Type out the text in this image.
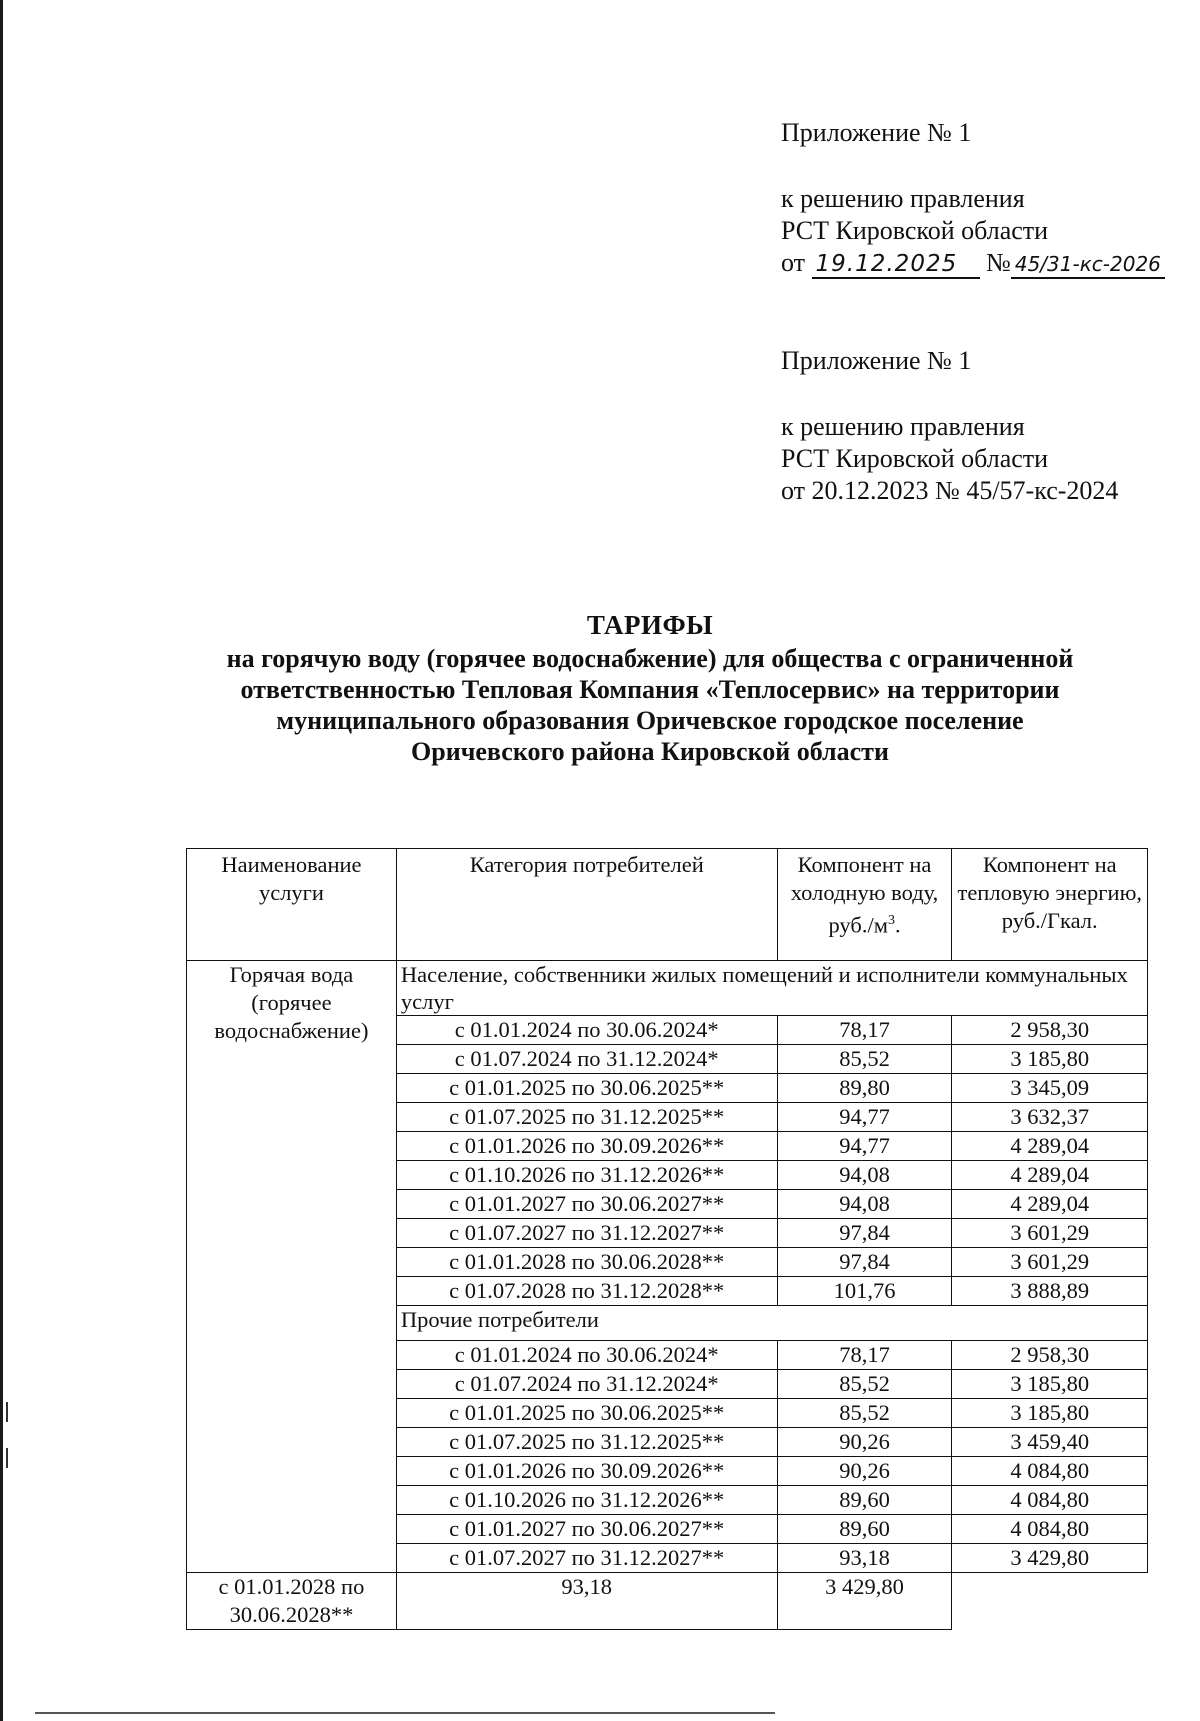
Приложение № 1
к решению правления
РСТ Кировской области
от 19.12.2025 № 45/31-кс-2026
Приложение № 1
к решению правления
РСТ Кировской области
от 20.12.2023 № 45/57-кс-2024
ТАРИФЫ
на горячую воду (горячее водоснабжение) для общества с ограниченной
ответственностью Тепловая Компания «Теплосервис» на территории
муниципального образования Оричевское городское поселение
Оричевского района Кировской области
Наименование услуги	Категория потребителей	Компонент на холодную воду, $руб./м^3$.	Компонент на тепловую энергию, руб./Гкал.
Горячая вода (горячее водоснабжение)	Население, собственники жилых помещений и исполнители коммунальных услуг		
	с 01.01.2024 по 30.06.2024*	78,17	2 958,30
	с 01.07.2024 по 31.12.2024*	85,52	3 185,80
	с 01.01.2025 по 30.06.2025**	89,80	3 345,09
	с 01.07.2025 по 31.12.2025**	94,77	3 632,37
	с 01.01.2026 по 30.09.2026**	94,77	4 289,04
	с 01.10.2026 по 31.12.2026**	94,08	4 289,04
	с 01.01.2027 по 30.06.2027**	94,08	4 289,04
	с 01.07.2027 по 31.12.2027**	97,84	3 601,29
	с 01.01.2028 по 30.06.2028**	97,84	3 601,29
	с 01.07.2028 по 31.12.2028**	101,76	3 888,89
	Прочие потребители		
	с 01.01.2024 по 30.06.2024*	78,17	2 958,30
	с 01.07.2024 по 31.12.2024*	85,52	3 185,80
	с 01.01.2025 по 30.06.2025**	85,52	3 185,80
	с 01.07.2025 по 31.12.2025**	90,26	3 459,40
	с 01.01.2026 по 30.09.2026**	90,26	4 084,80
	с 01.10.2026 по 31.12.2026**	89,60	4 084,80
	с 01.01.2027 по 30.06.2027**	89,60	4 084,80
	с 01.07.2027 по 31.12.2027**	93,18	3 429,80
с 01.01.2028 по 30.06.2028**	93,18	3 429,80	
